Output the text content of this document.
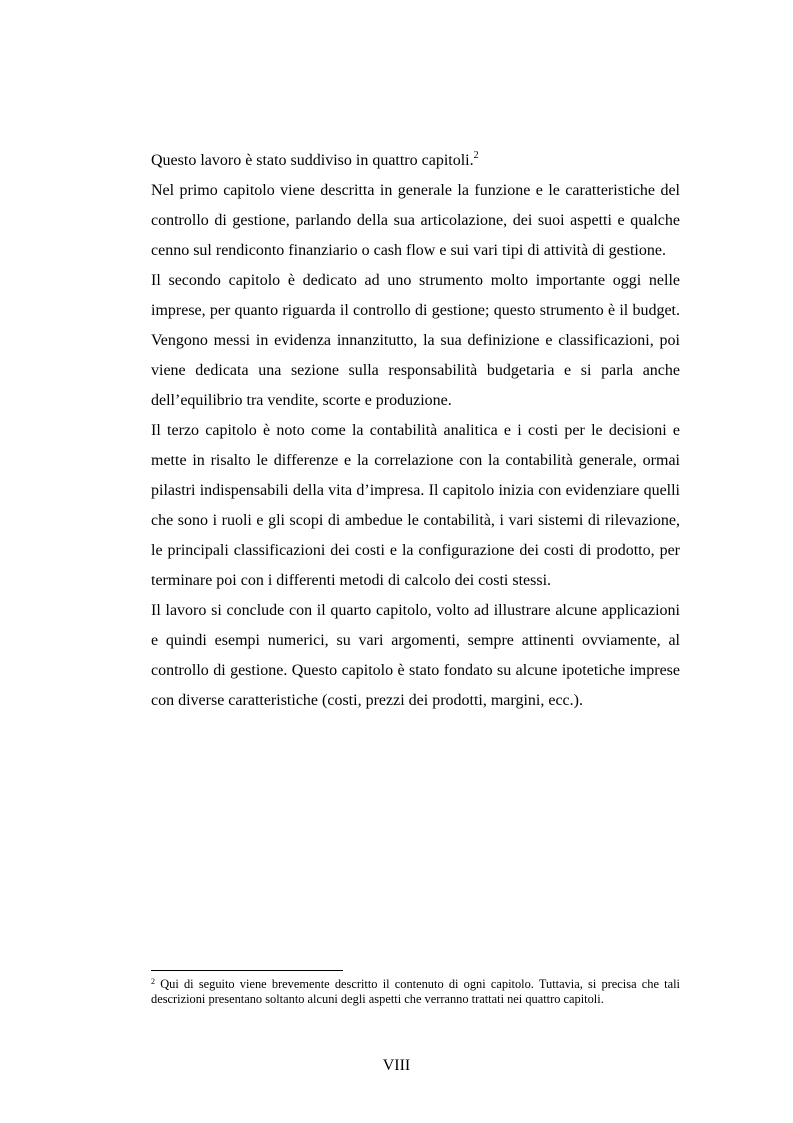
Questo lavoro è stato suddiviso in quattro capitoli.$^2$

Nel primo capitolo viene descritta in generale la funzione e le caratteristiche del controllo di gestione, parlando della sua articolazione, dei suoi aspetti e qualche cenno sul rendiconto finanziario o cash flow e sui vari tipi di attività di gestione.

Il secondo capitolo è dedicato ad uno strumento molto importante oggi nelle imprese, per quanto riguarda il controllo di gestione; questo strumento è il budget. Vengono messi in evidenza innanzitutto, la sua definizione e classificazioni, poi viene dedicata una sezione sulla responsabilità budgetaria e si parla anche dell’equilibrio tra vendite, scorte e produzione.

Il terzo capitolo è noto come la contabilità analitica e i costi per le decisioni e mette in risalto le differenze e la correlazione con la contabilità generale, ormai pilastri indispensabili della vita d’impresa. Il capitolo inizia con evidenziare quelli che sono i ruoli e gli scopi di ambedue le contabilità, i vari sistemi di rilevazione, le principali classificazioni dei costi e la configurazione dei costi di prodotto, per terminare poi con i differenti metodi di calcolo dei costi stessi.

Il lavoro si conclude con il quarto capitolo, volto ad illustrare alcune applicazioni e quindi esempi numerici, su vari argomenti, sempre attinenti ovviamente, al controllo di gestione. Questo capitolo è stato fondato su alcune ipotetiche imprese con diverse caratteristiche (costi, prezzi dei prodotti, margini, ecc.).

$^2$ Qui di seguito viene brevemente descritto il contenuto di ogni capitolo. Tuttavia, si precisa che tali descrizioni presentano soltanto alcuni degli aspetti che verranno trattati nei quattro capitoli.
VIII
